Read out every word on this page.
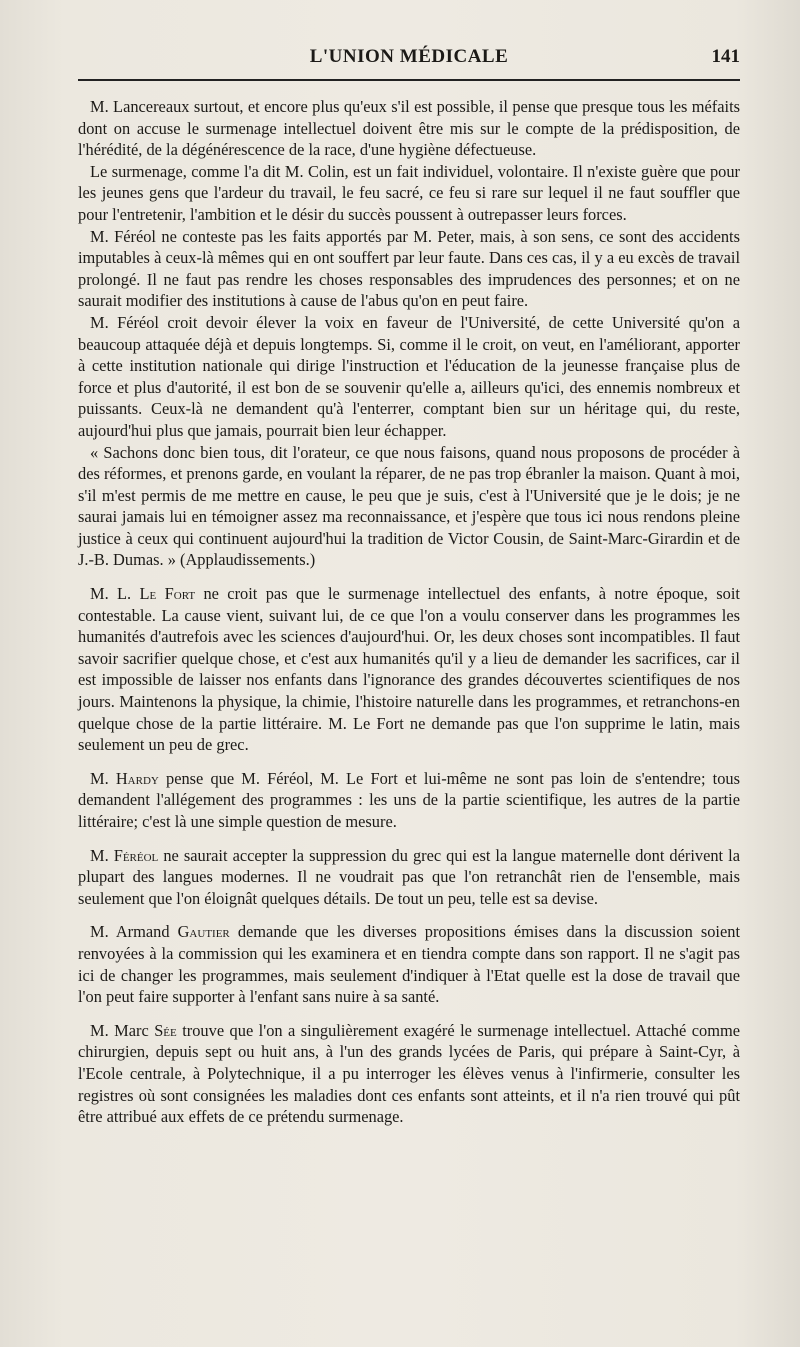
L'UNION MÉDICALE	141

M. Lancereaux surtout, et encore plus qu'eux s'il est possible, il pense que presque tous les méfaits dont on accuse le surmenage intellectuel doivent être mis sur le compte de la prédisposition, de l'hérédité, de la dégénérescence de la race, d'une hygiène défectueuse.

Le surmenage, comme l'a dit M. Colin, est un fait individuel, volontaire. Il n'existe guère que pour les jeunes gens que l'ardeur du travail, le feu sacré, ce feu si rare sur lequel il ne faut souffler que pour l'entretenir, l'ambition et le désir du succès poussent à outrepasser leurs forces.

M. Féréol ne conteste pas les faits apportés par M. Peter, mais, à son sens, ce sont des accidents imputables à ceux-là mêmes qui en ont souffert par leur faute. Dans ces cas, il y a eu excès de travail prolongé. Il ne faut pas rendre les choses responsables des imprudences des personnes; et on ne saurait modifier des institutions à cause de l'abus qu'on en peut faire.

M. Féréol croit devoir élever la voix en faveur de l'Université, de cette Université qu'on a beaucoup attaquée déjà et depuis longtemps. Si, comme il le croit, on veut, en l'améliorant, apporter à cette institution nationale qui dirige l'instruction et l'éducation de la jeunesse française plus de force et plus d'autorité, il est bon de se souvenir qu'elle a, ailleurs qu'ici, des ennemis nombreux et puissants. Ceux-là ne demandent qu'à l'enterrer, comptant bien sur un héritage qui, du reste, aujourd'hui plus que jamais, pourrait bien leur échapper.

« Sachons donc bien tous, dit l'orateur, ce que nous faisons, quand nous proposons de procéder à des réformes, et prenons garde, en voulant la réparer, de ne pas trop ébranler la maison. Quant à moi, s'il m'est permis de me mettre en cause, le peu que je suis, c'est à l'Université que je le dois; je ne saurai jamais lui en témoigner assez ma reconnaissance, et j'espère que tous ici nous rendons pleine justice à ceux qui continuent aujourd'hui la tradition de Victor Cousin, de Saint-Marc-Girardin et de J.-B. Dumas. » (Applaudissements.)

M. L. Le Fort ne croit pas que le surmenage intellectuel des enfants, à notre époque, soit contestable. La cause vient, suivant lui, de ce que l'on a voulu conserver dans les programmes les humanités d'autrefois avec les sciences d'aujourd'hui. Or, les deux choses sont incompatibles. Il faut savoir sacrifier quelque chose, et c'est aux humanités qu'il y a lieu de demander les sacrifices, car il est impossible de laisser nos enfants dans l'ignorance des grandes découvertes scientifiques de nos jours. Maintenons la physique, la chimie, l'histoire naturelle dans les programmes, et retranchons-en quelque chose de la partie littéraire. M. Le Fort ne demande pas que l'on supprime le latin, mais seulement un peu de grec.

M. Hardy pense que M. Féréol, M. Le Fort et lui-même ne sont pas loin de s'entendre; tous demandent l'allégement des programmes : les uns de la partie scientifique, les autres de la partie littéraire; c'est là une simple question de mesure.

M. Féréol ne saurait accepter la suppression du grec qui est la langue maternelle dont dérivent la plupart des langues modernes. Il ne voudrait pas que l'on retranchât rien de l'ensemble, mais seulement que l'on éloignât quelques détails. De tout un peu, telle est sa devise.

M. Armand Gautier demande que les diverses propositions émises dans la discussion soient renvoyées à la commission qui les examinera et en tiendra compte dans son rapport. Il ne s'agit pas ici de changer les programmes, mais seulement d'indiquer à l'Etat quelle est la dose de travail que l'on peut faire supporter à l'enfant sans nuire à sa santé.

M. Marc Sée trouve que l'on a singulièrement exagéré le surmenage intellectuel. Attaché comme chirurgien, depuis sept ou huit ans, à l'un des grands lycées de Paris, qui prépare à Saint-Cyr, à l'Ecole centrale, à Polytechnique, il a pu interroger les élèves venus à l'infirmerie, consulter les registres où sont consignées les maladies dont ces enfants sont atteints, et il n'a rien trouvé qui pût être attribué aux effets de ce prétendu surmenage.
